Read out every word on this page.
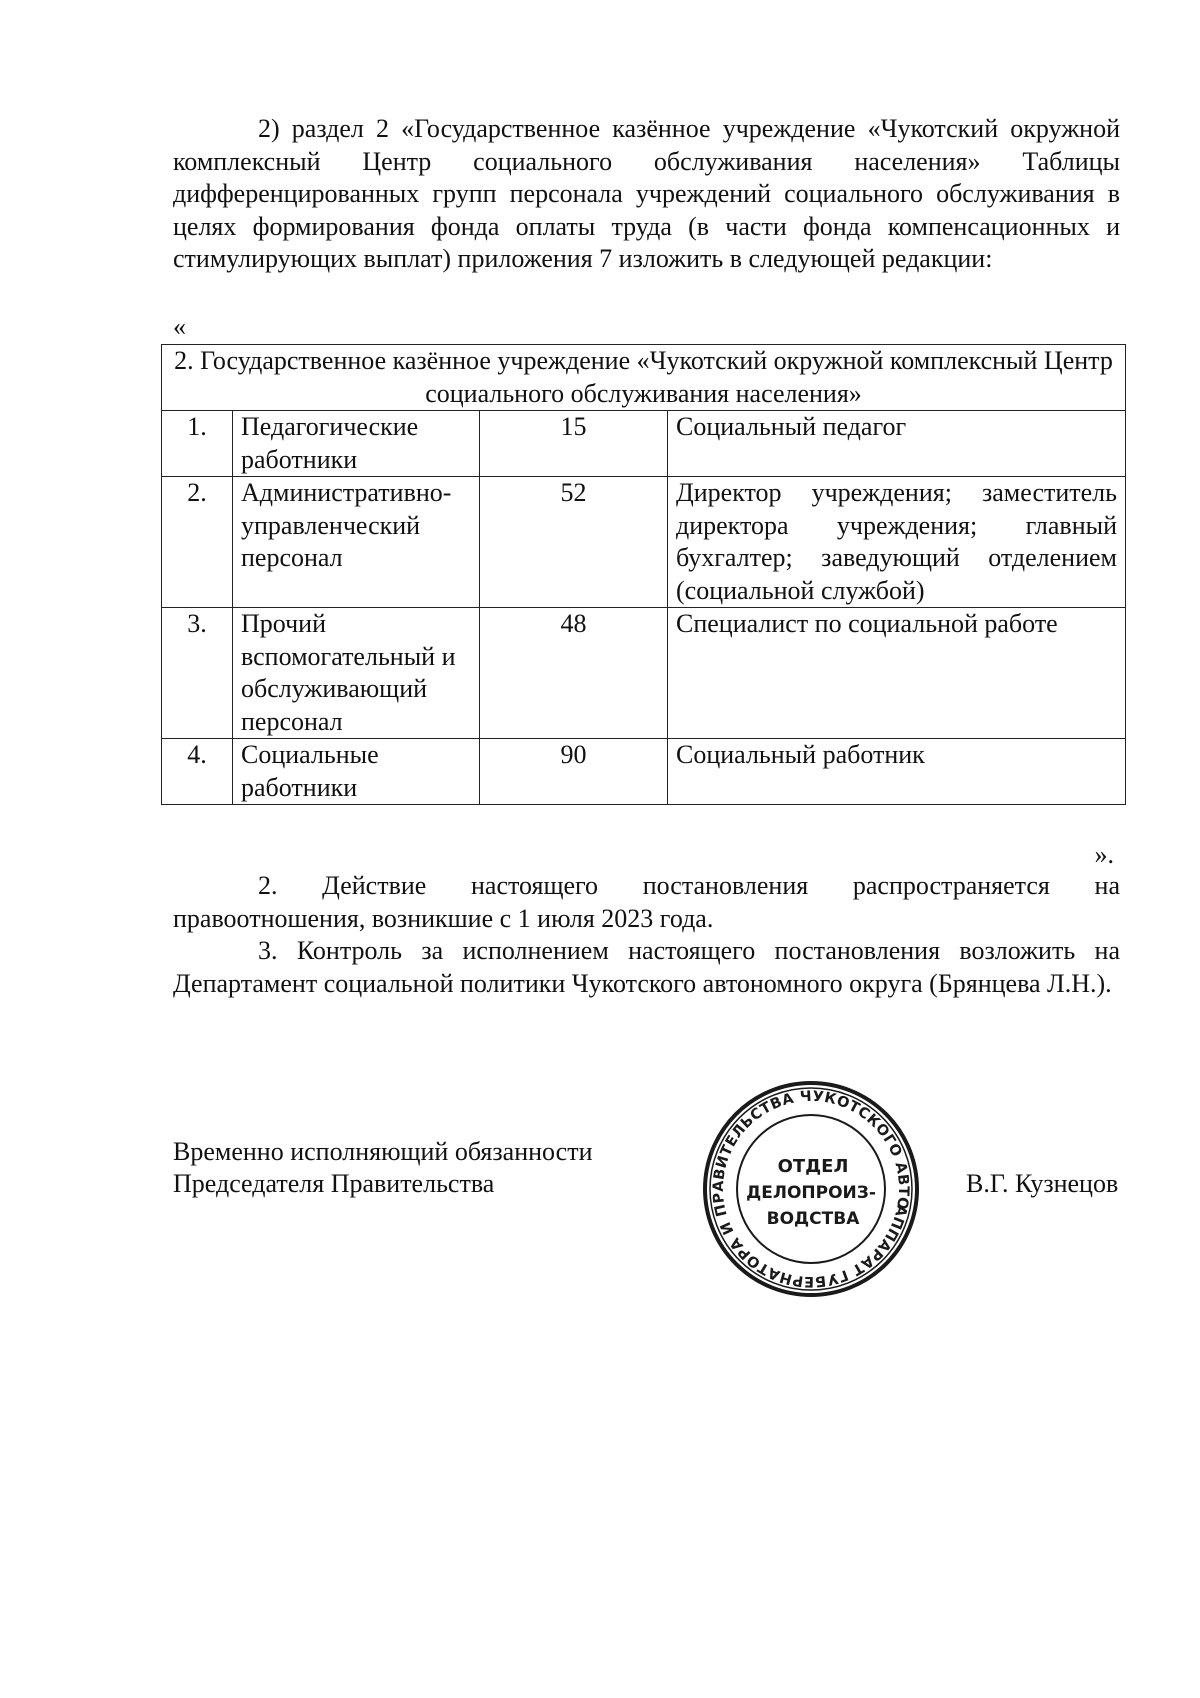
2) раздел 2 «Государственное казённое учреждение «Чукотский окружной комплексный Центр социального обслуживания населения» Таблицы дифференцированных групп персонала учреждений социального обслуживания в целях формирования фонда оплаты труда (в части фонда компенсационных и стимулирующих выплат) приложения 7 изложить в следующей редакции:

«
2. Государственное казённое учреждение «Чукотский окружной комплексный Центр социального обслуживания населения»			
1.	Педагогические работники	15	Социальный педагог
2.	Административно-управленческий персонал	52	Директор учреждения; заместитель директора учреждения; главный бухгалтер; заведующий отделением (социальной службой)
3.	Прочий вспомогательный и обслуживающий персонал	48	Специалист по социальной работе
4.	Социальные работники	90	Социальный работник
».

2. Действие настоящего постановления распространяется на правоотношения, возникшие с 1 июля 2023 года.

3. Контроль за исполнением настоящего постановления возложить на Департамент социальной политики Чукотского автономного округа (Брянцева Л.Н.).

Временно исполняющий обязанности
Председателя Правительства
АППАРАТ ГУБЕРНАТОРА И ПРАВИТЕЛЬСТВА ЧУКОТСКОГО АВТО
ОТДЕЛ
ДЕЛОПРОИЗ-
ВОДСТВА
В.Г. Кузнецов
